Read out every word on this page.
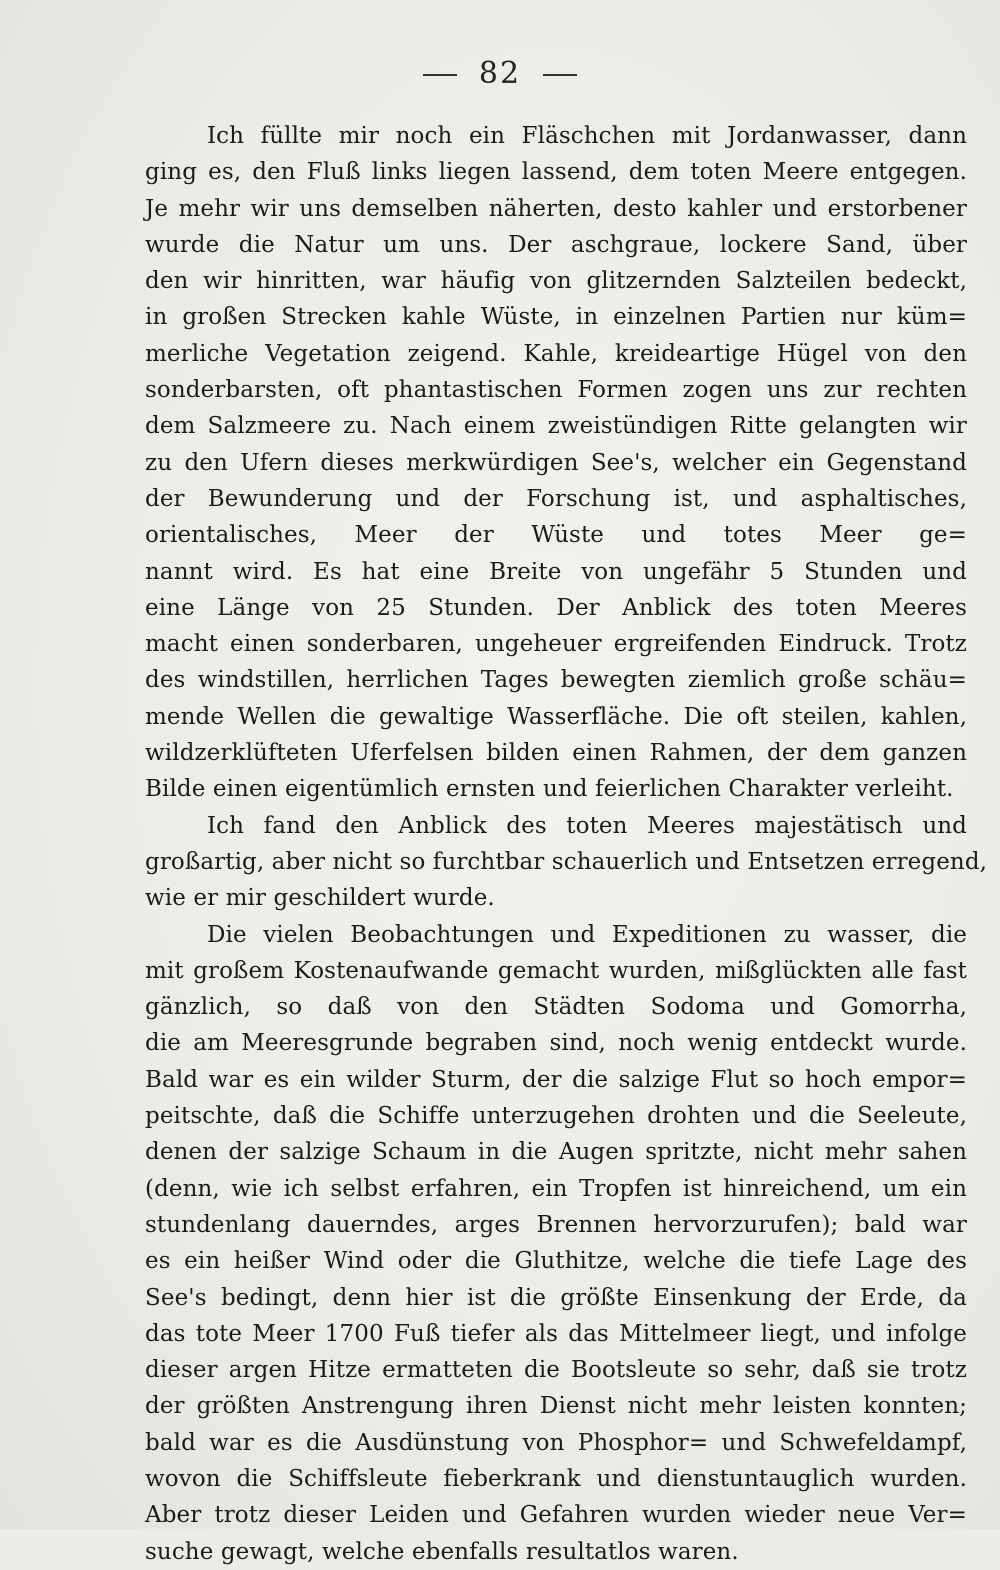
82
Ich füllte mir noch ein Fläschchen mit Jordanwasser, dann
ging es, den Fluß links liegen lassend, dem toten Meere entgegen.
Je mehr wir uns demselben näherten, desto kahler und erstorbener
wurde die Natur um uns. Der aschgraue, lockere Sand, über
den wir hinritten, war häufig von glitzernden Salzteilen bedeckt,
in großen Strecken kahle Wüste, in einzelnen Partien nur küm=
merliche Vegetation zeigend. Kahle, kreideartige Hügel von den
sonderbarsten, oft phantastischen Formen zogen uns zur rechten
dem Salzmeere zu. Nach einem zweistündigen Ritte gelangten wir
zu den Ufern dieses merkwürdigen See's, welcher ein Gegenstand
der Bewunderung und der Forschung ist, und asphaltisches,
orientalisches, Meer der Wüste und totes Meer ge=
nannt wird. Es hat eine Breite von ungefähr 5 Stunden und
eine Länge von 25 Stunden. Der Anblick des toten Meeres
macht einen sonderbaren, ungeheuer ergreifenden Eindruck. Trotz
des windstillen, herrlichen Tages bewegten ziemlich große schäu=
mende Wellen die gewaltige Wasserfläche. Die oft steilen, kahlen,
wildzerklüfteten Uferfelsen bilden einen Rahmen, der dem ganzen
Bilde einen eigentümlich ernsten und feierlichen Charakter verleiht.
Ich fand den Anblick des toten Meeres majestätisch und
großartig, aber nicht so furchtbar schauerlich und Entsetzen erregend,
wie er mir geschildert wurde.
Die vielen Beobachtungen und Expeditionen zu wasser, die
mit großem Kostenaufwande gemacht wurden, mißglückten alle fast
gänzlich, so daß von den Städten Sodoma und Gomorrha,
die am Meeresgrunde begraben sind, noch wenig entdeckt wurde.
Bald war es ein wilder Sturm, der die salzige Flut so hoch empor=
peitschte, daß die Schiffe unterzugehen drohten und die Seeleute,
denen der salzige Schaum in die Augen spritzte, nicht mehr sahen
(denn, wie ich selbst erfahren, ein Tropfen ist hinreichend, um ein
stundenlang dauerndes, arges Brennen hervorzurufen); bald war
es ein heißer Wind oder die Gluthitze, welche die tiefe Lage des
See's bedingt, denn hier ist die größte Einsenkung der Erde, da
das tote Meer 1700 Fuß tiefer als das Mittelmeer liegt, und infolge
dieser argen Hitze ermatteten die Bootsleute so sehr, daß sie trotz
der größten Anstrengung ihren Dienst nicht mehr leisten konnten;
bald war es die Ausdünstung von Phosphor= und Schwefeldampf,
wovon die Schiffsleute fieberkrank und dienstuntauglich wurden.
Aber trotz dieser Leiden und Gefahren wurden wieder neue Ver=
suche gewagt, welche ebenfalls resultatlos waren.
